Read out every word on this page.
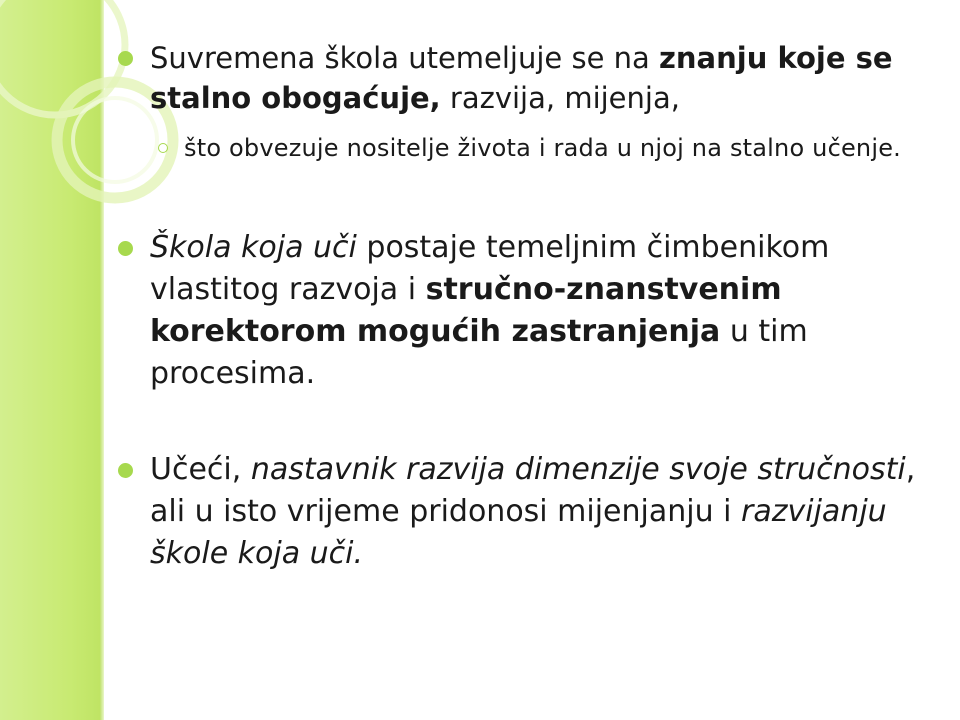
Suvremena škola utemeljuje se na znanju koje se stalno obogaćuje, razvija, mijenja,
što obvezuje nositelje života i rada u njoj na stalno učenje.
Škola koja uči postaje temeljnim čimbenikom vlastitog razvoja i stručno-znanstvenim korektorom mogućih zastranjenja u tim procesima.
Učeći, nastavnik razvija dimenzije svoje stručnosti, ali u isto vrijeme pridonosi mijenjanju i razvijanju škole koja uči.
